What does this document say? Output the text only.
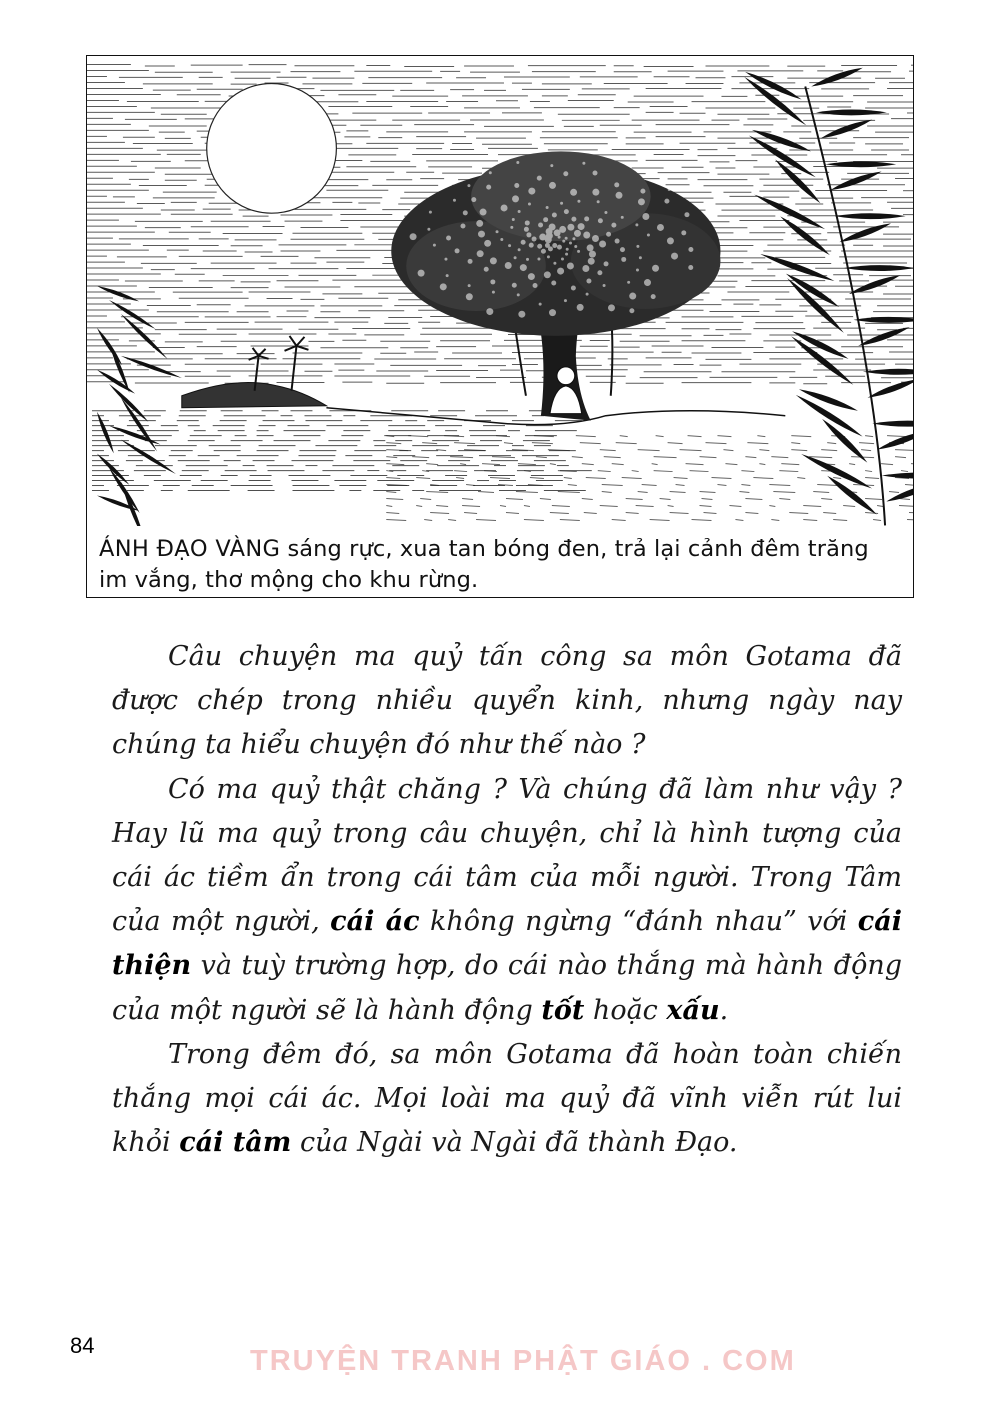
ÁNH ĐẠO VÀNG sáng rực, xua tan bóng đen, trả lại cảnh đêm trăng im vắng, thơ mộng cho khu rừng.

Câu chuyện ma quỷ tấn công sa môn Gotama đã được chép trong nhiều quyển kinh, nhưng ngày nay chúng ta hiểu chuyện đó như thế nào ?

Có ma quỷ thật chăng ? Và chúng đã làm như vậy ? Hay lũ ma quỷ trong câu chuyện, chỉ là hình tượng của cái ác tiềm ẩn trong cái tâm của mỗi người. Trong Tâm của một người, cái ác không ngừng “đánh nhau” với cái thiện và tuỳ trường hợp, do cái nào thắng mà hành động của một người sẽ là hành động tốt hoặc xấu.

Trong đêm đó, sa môn Gotama đã hoàn toàn chiến thắng mọi cái ác. Mọi loài ma quỷ đã vĩnh viễn rút lui khỏi cái tâm của Ngài và Ngài đã thành Đạo.

84	TRUYỆN TRANH PHẬT GIÁO . COM
